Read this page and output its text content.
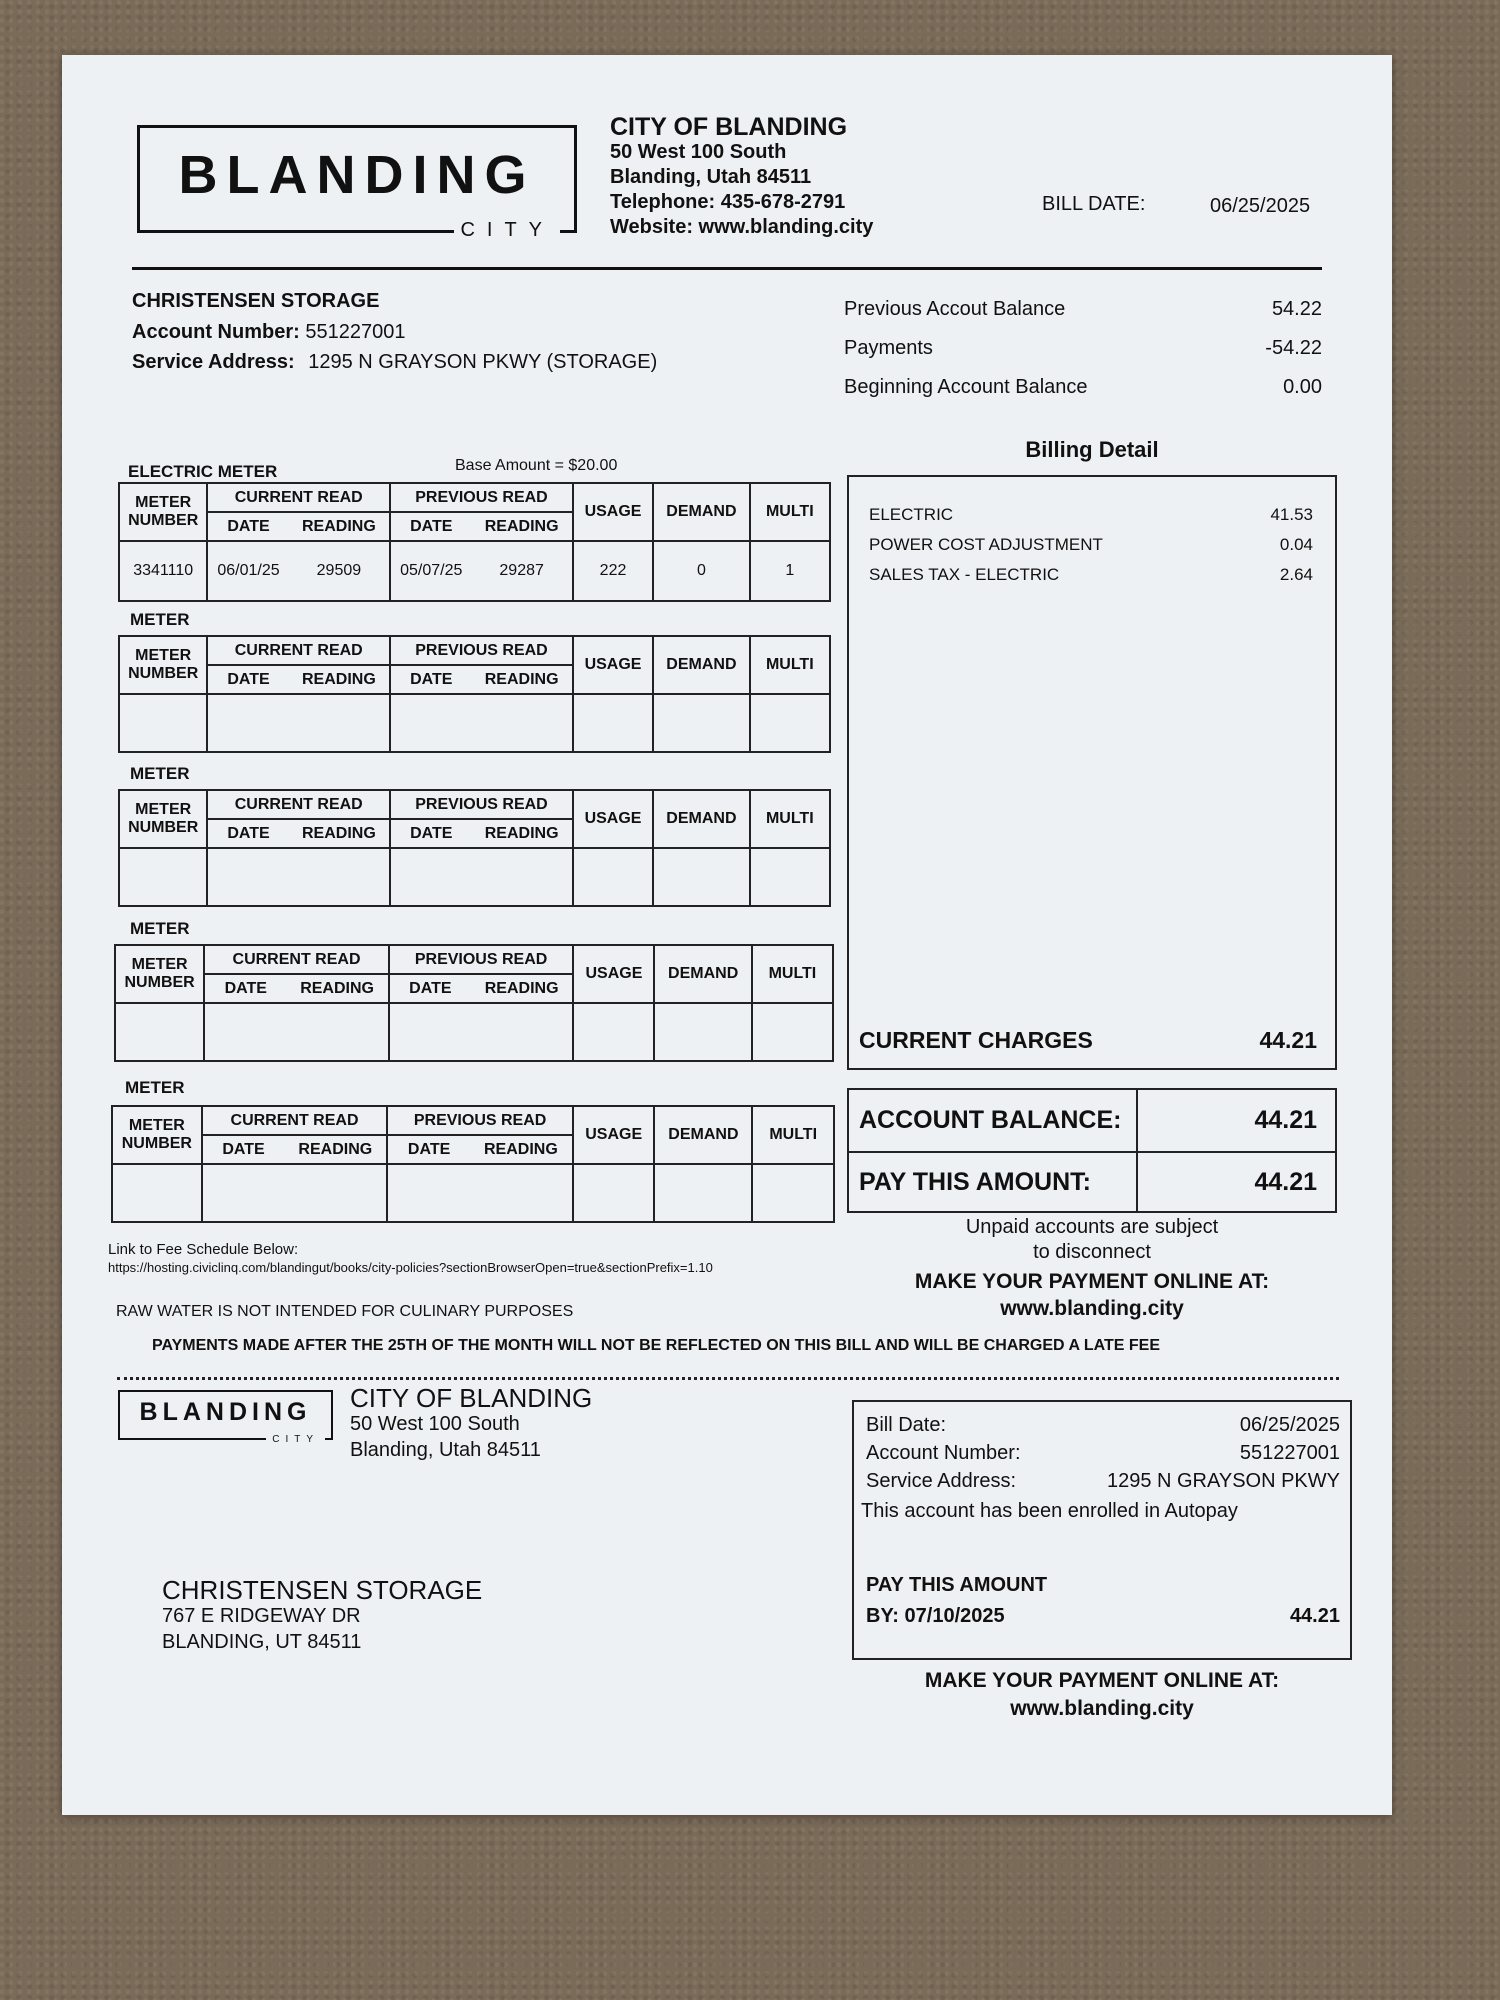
BLANDING
CITY
CITY OF BLANDING
50 West 100 South
Blanding, Utah 84511
Telephone: 435-678-2791
Website: www.blanding.city
BILL DATE:	06/25/2025
CHRISTENSEN STORAGE
Account Number: 551227001
Service Address: 1295 N GRAYSON PKWY (STORAGE)
Previous Accout Balance	54.22
Payments	-54.22
Beginning Account Balance	0.00
ELECTRIC METER	Base Amount = $20.00
METER
NUMBER	CURRENT READ		PREVIOUS READ		USAGE	DEMAND	MULTI
	DATE	READING	DATE	READING			
3341110	06/01/25	29509	05/07/25	29287	222	0	1
METER
METER
NUMBER	CURRENT READ		PREVIOUS READ		USAGE	DEMAND	MULTI
	DATE	READING	DATE	READING			

METER
METER
NUMBER	CURRENT READ		PREVIOUS READ		USAGE	DEMAND	MULTI
	DATE	READING	DATE	READING			

METER
METER
NUMBER	CURRENT READ		PREVIOUS READ		USAGE	DEMAND	MULTI
	DATE	READING	DATE	READING			

METER
METER
NUMBER	CURRENT READ		PREVIOUS READ		USAGE	DEMAND	MULTI
	DATE	READING	DATE	READING			

Billing Detail
ELECTRIC	41.53
POWER COST ADJUSTMENT	0.04
SALES TAX - ELECTRIC	2.64
CURRENT CHARGES	44.21
ACCOUNT BALANCE:	44.21
PAY THIS AMOUNT:	44.21
Unpaid accounts are subject
to disconnect
MAKE YOUR PAYMENT ONLINE AT:
www.blanding.city
Link to Fee Schedule Below:
https://hosting.civiclinq.com/blandingut/books/city-policies?sectionBrowserOpen=true&sectionPrefix=1.10
RAW WATER IS NOT INTENDED FOR CULINARY PURPOSES
PAYMENTS MADE AFTER THE 25TH OF THE MONTH WILL NOT BE REFLECTED ON THIS BILL AND WILL BE CHARGED A LATE FEE
BLANDING
CITY
CITY OF BLANDING
50 West 100 South
Blanding, Utah 84511
CHRISTENSEN STORAGE
767 E RIDGEWAY DR
BLANDING, UT 84511
Bill Date:	06/25/2025
Account Number:	551227001
Service Address:	1295 N GRAYSON PKWY
This account has been enrolled in Autopay
PAY THIS AMOUNT
BY: 07/10/2025	44.21
MAKE YOUR PAYMENT ONLINE AT:
www.blanding.city
